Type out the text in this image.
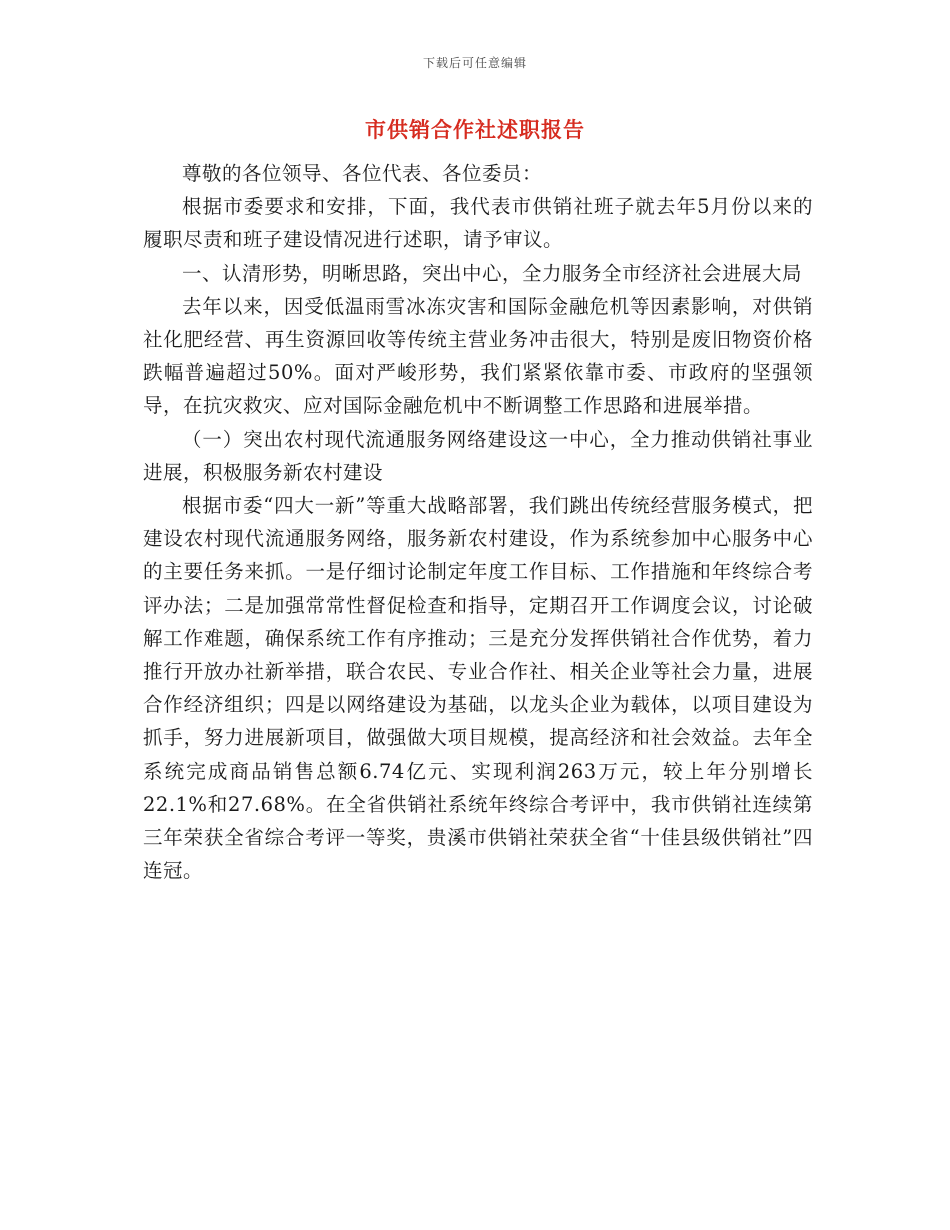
下载后可任意编辑
市供销合作社述职报告

尊敬的各位领导、各位代表、各位委员：

根据市委要求和安排，下面，我代表市供销社班子就去年5月份以来的履职尽责和班子建设情况进行述职，请予审议。

一、认清形势，明晰思路，突出中心，全力服务全市经济社会进展大局

去年以来，因受低温雨雪冰冻灾害和国际金融危机等因素影响，对供销社化肥经营、再生资源回收等传统主营业务冲击很大，特别是废旧物资价格跌幅普遍超过50%。面对严峻形势，我们紧紧依靠市委、市政府的坚强领导，在抗灾救灾、应对国际金融危机中不断调整工作思路和进展举措。

（一）突出农村现代流通服务网络建设这一中心，全力推动供销社事业进展，积极服务新农村建设

根据市委“四大一新”等重大战略部署，我们跳出传统经营服务模式，把建设农村现代流通服务网络，服务新农村建设，作为系统参加中心服务中心的主要任务来抓。一是仔细讨论制定年度工作目标、工作措施和年终综合考评办法；二是加强常常性督促检查和指导，定期召开工作调度会议，讨论破解工作难题，确保系统工作有序推动；三是充分发挥供销社合作优势，着力推行开放办社新举措，联合农民、专业合作社、相关企业等社会力量，进展合作经济组织；四是以网络建设为基础，以龙头企业为载体，以项目建设为抓手，努力进展新项目，做强做大项目规模，提高经济和社会效益。去年全系统完成商品销售总额6.74亿元、实现利润263万元，较上年分别增长22.1%和27.68%。在全省供销社系统年终综合考评中，我市供销社连续第三年荣获全省综合考评一等奖，贵溪市供销社荣获全省“十佳县级供销社”四连冠。
